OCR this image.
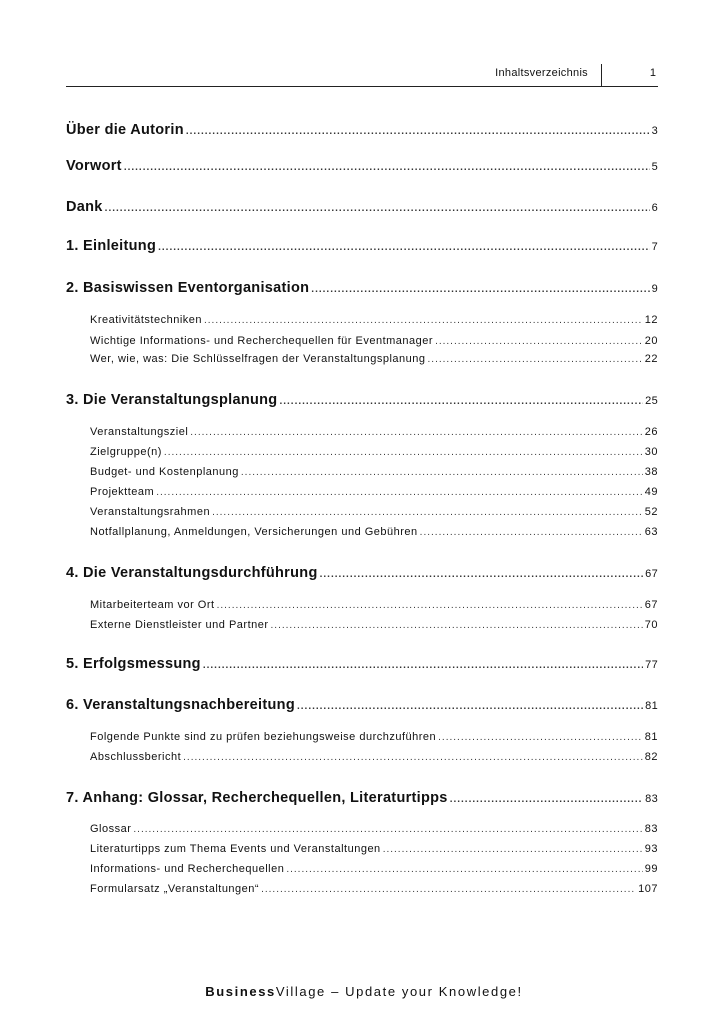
Inhaltsverzeichnis	1
Über die Autorin .....	3
Vorwort .....	5
Dank .....	6
1. Einleitung .....	7
2. Basiswissen Eventorganisation .....	9
Kreativitätstechniken .....	12
Wichtige Informations- und Recherchequellen für Eventmanager .....	20
Wer, wie, was: Die Schlüsselfragen der Veranstaltungsplanung .....	22
3. Die Veranstaltungsplanung .....	25
Veranstaltungsziel .....	26
Zielgruppe(n) .....	30
Budget- und Kostenplanung .....	38
Projektteam .....	49
Veranstaltungsrahmen .....	52
Notfallplanung, Anmeldungen, Versicherungen und Gebühren .....	63
4. Die Veranstaltungsdurchführung .....	67
Mitarbeiterteam vor Ort .....	67
Externe Dienstleister und Partner .....	70
5. Erfolgsmessung .....	77
6. Veranstaltungsnachbereitung .....	81
Folgende Punkte sind zu prüfen beziehungsweise durchzuführen .....	81
Abschlussbericht .....	82
7. Anhang: Glossar, Recherchequellen, Literaturtipps .....	83
Glossar .....	83
Literaturtipps zum Thema Events und Veranstaltungen .....	93
Informations- und Recherchequellen .....	99
Formularsatz „Veranstaltungen“ .....	107
BusinessVillage – Update your Knowledge!
